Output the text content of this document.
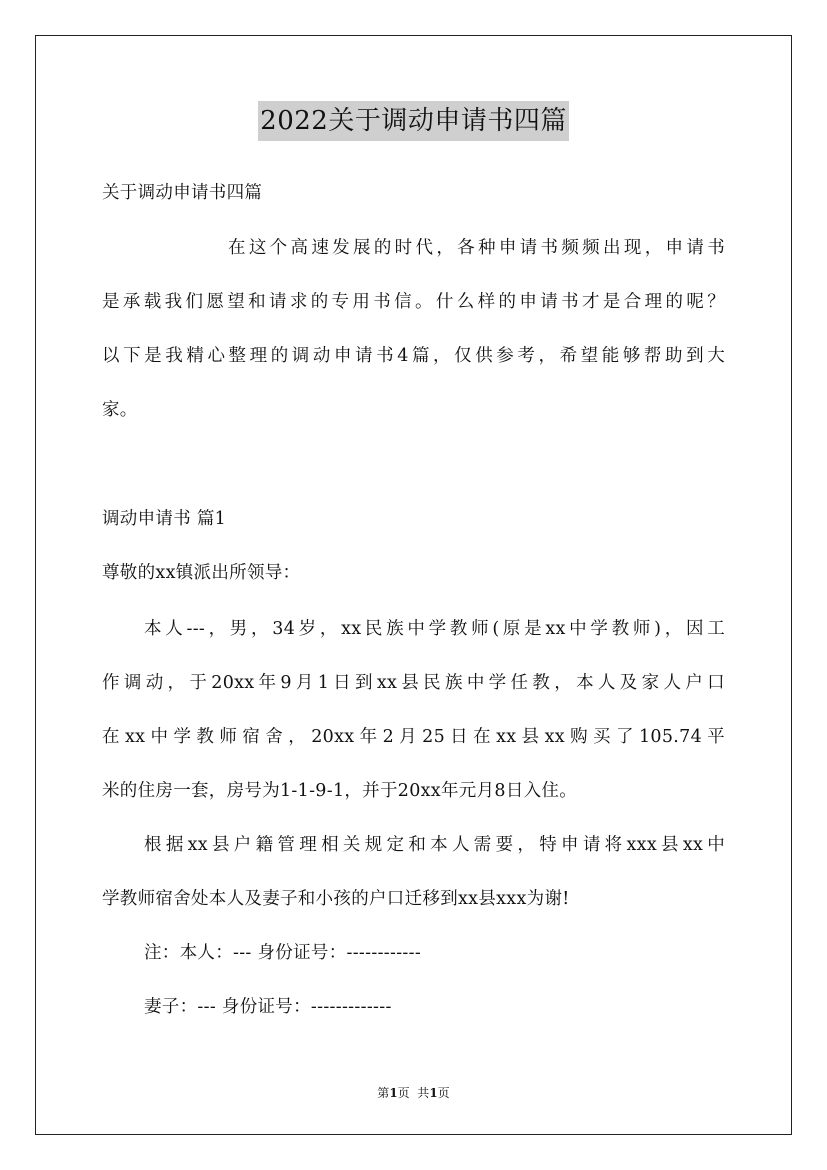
2022关于调动申请书四篇
关于调动申请书四篇
在这个高速发展的时代，各种申请书频频出现，申请书
是承载我们愿望和请求的专用书信。什么样的申请书才是合理的呢？
以下是我精心整理的调动申请书4篇，仅供参考，希望能够帮助到大
家。
调动申请书 篇1
尊敬的xx镇派出所领导：
本人---，男，34岁，xx民族中学教师(原是xx中学教师)，因工
作调动，于20xx年9月1日到xx县民族中学任教，本人及家人户口
在xx中学教师宿舍，20xx年2月25日在xx县xx购买了105.74平
米的住房一套，房号为1-1-9-1，并于20xx年元月8日入住。
根据xx县户籍管理相关规定和本人需要，特申请将xxx县xx中
学教师宿舍处本人及妻子和小孩的户口迁移到xx县xxx为谢!
注：本人：--- 身份证号：------------
妻子：--- 身份证号：-------------
第1页  共1页
